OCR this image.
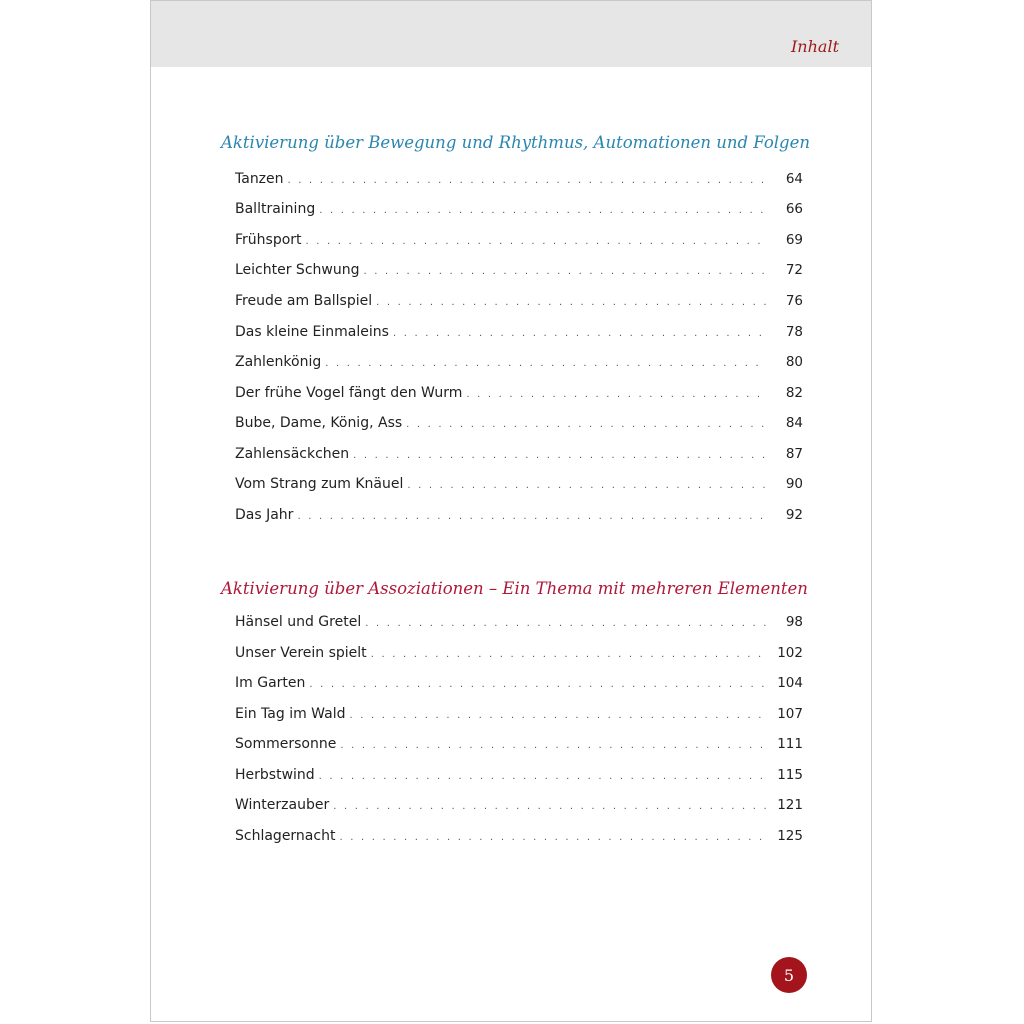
Inhalt
Aktivierung über Bewegung und Rhythmus, Automationen und Folgen
Tanzen . . .	64
Balltraining . . .	66
Frühsport . . .	69
Leichter Schwung . . .	72
Freude am Ballspiel . . .	76
Das kleine Einmaleins . . .	78
Zahlenkönig . . .	80
Der frühe Vogel fängt den Wurm . . .	82
Bube, Dame, König, Ass . . .	84
Zahlensäckchen . . .	87
Vom Strang zum Knäuel . . .	90
Das Jahr . . .	92
Aktivierung über Assoziationen – Ein Thema mit mehreren Elementen
Hänsel und Gretel . . .	98
Unser Verein spielt . . .	102
Im Garten . . .	104
Ein Tag im Wald . . .	107
Sommersonne . . .	111
Herbstwind . . .	115
Winterzauber . . .	121
Schlagernacht . . .	125
5
